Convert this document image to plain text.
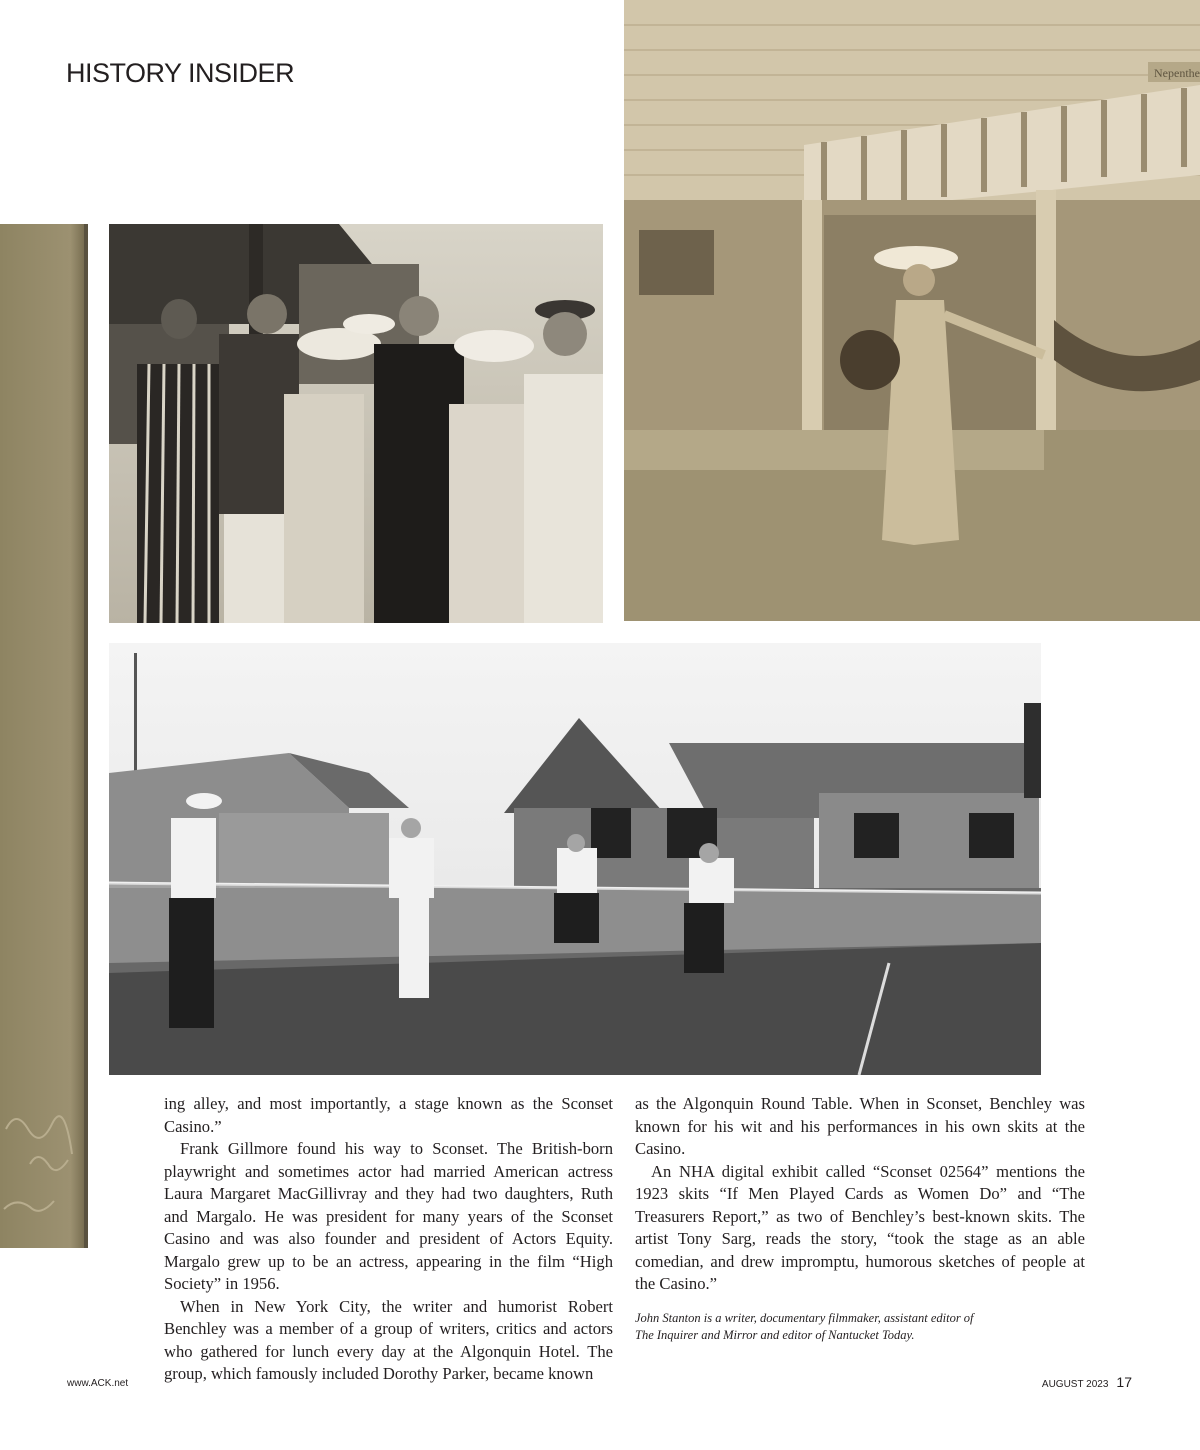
HISTORY INSIDER	Nepenthe

ing alley, and most importantly, a stage known as the Sconset Casino.”

Frank Gillmore found his way to Sconset. The British-born playwright and sometimes actor had married American actress Laura Margaret MacGillivray and they had two daughters, Ruth and Margalo. He was president for many years of the Sconset Casino and was also founder and president of Actors Equity. Margalo grew up to be an actress, appearing in the film “High Society” in 1956.

When in New York City, the writer and humorist Robert Benchley was a member of a group of writers, critics and actors who gathered for lunch every day at the Algonquin Hotel. The group, which famously included Dorothy Parker, became known

as the Algonquin Round Table. When in Sconset, Benchley was known for his wit and his performances in his own skits at the Casino.

An NHA digital exhibit called “Sconset 02564” mentions the 1923 skits “If Men Played Cards as Women Do” and “The Treasurers Report,” as two of Benchley’s best-known skits. The artist Tony Sarg, reads the story, “took the stage as an able comedian, and drew impromptu, humorous sketches of people at the Casino.”

John Stanton is a writer, documentary filmmaker, assistant editor of
The Inquirer and Mirror and editor of Nantucket Today.
www.ACK.net	AUGUST 2023 17
